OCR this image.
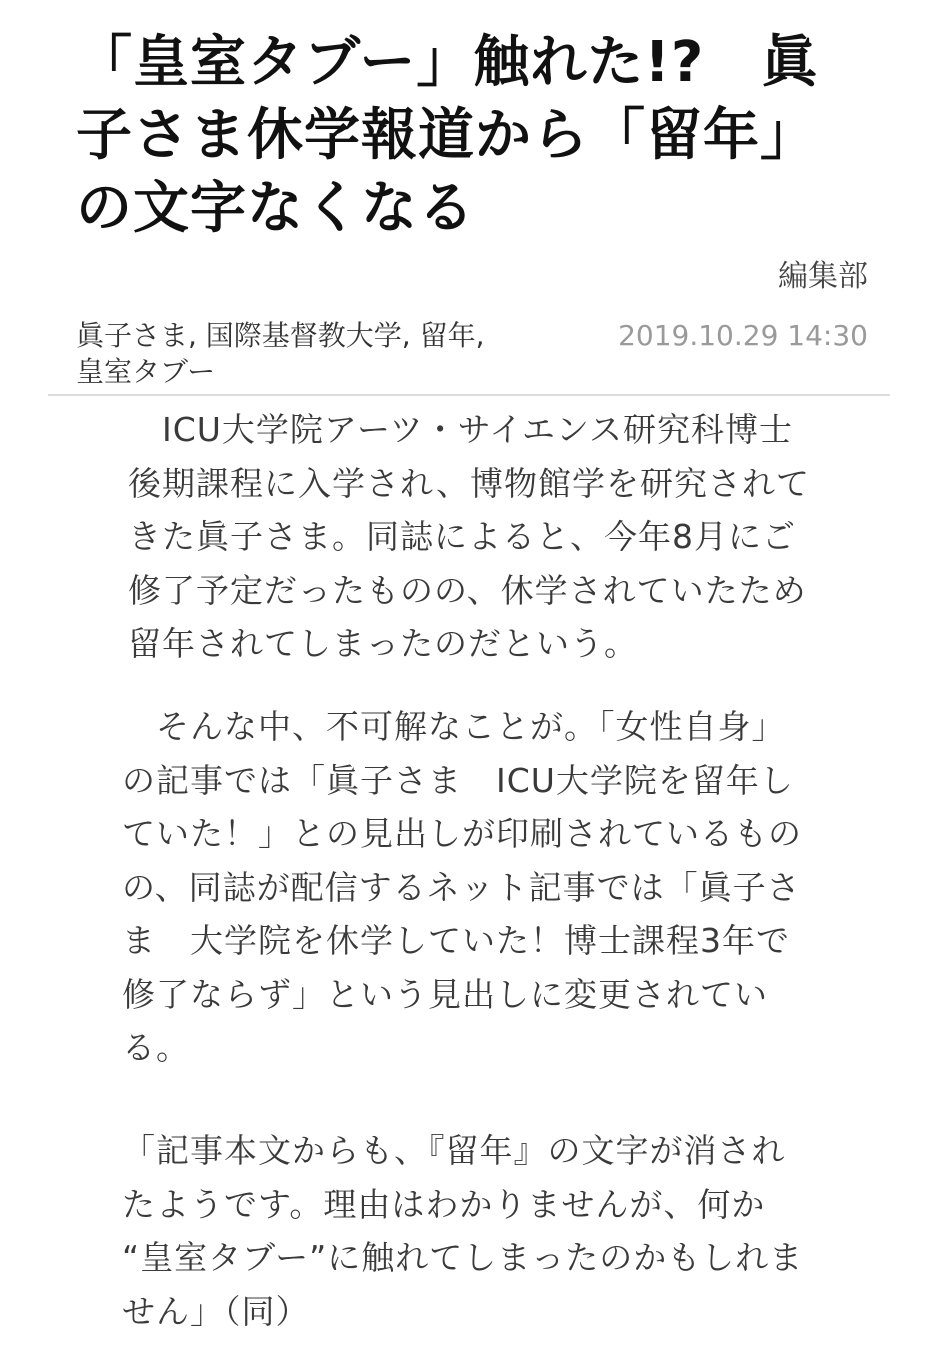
「皇室タブー」触れた!?　眞
子さま休学報道から「留年」
の文字なくなる
編集部
眞子さま, 国際基督教大学, 留年,
皇室タブー
2019.10.29 14:30

　ICU大学院アーツ・サイエンス研究科博士
後期課程に入学され、博物館学を研究されて
きた眞子さま。同誌によると、今年8月にご
修了予定だったものの、休学されていたため
留年されてしまったのだという。

　そんな中、不可解なことが。「女性自身」
の記事では「眞子さま　ICU大学院を留年し
ていた！」との見出しが印刷されているもの
の、同誌が配信するネット記事では「眞子さ
ま　大学院を休学していた！博士課程3年で
修了ならず」という見出しに変更されてい
る。

「記事本文からも、『留年』の文字が消され
たようです。理由はわかりませんが、何か
“皇室タブー”に触れてしまったのかもしれま
せん」（同）
